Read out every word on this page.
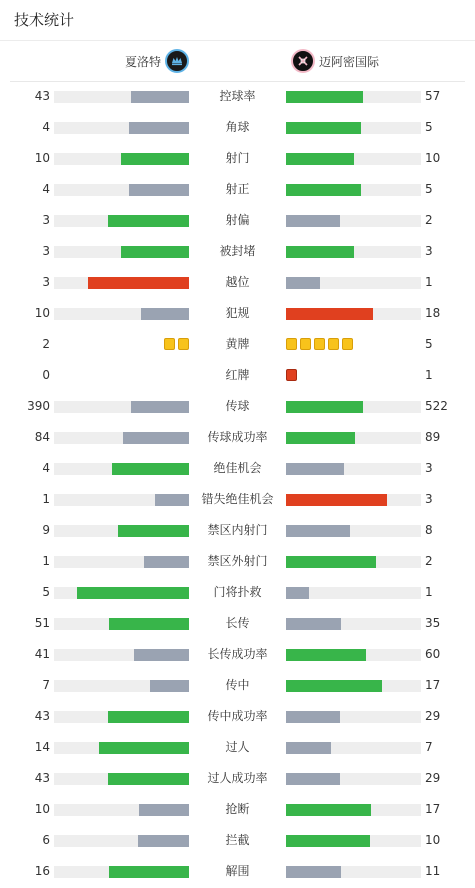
技术统计
夏洛特	迈阿密国际
43	控球率	57
4	角球	5
10	射门	10
4	射正	5
3	射偏	2
3	被封堵	3
3	越位	1
10	犯规	18
2	黄牌	5
0	红牌	1
390	传球	522
84	传球成功率	89
4	绝佳机会	3
1	错失绝佳机会	3
9	禁区内射门	8
1	禁区外射门	2
5	门将扑救	1
51	长传	35
41	长传成功率	60
7	传中	17
43	传中成功率	29
14	过人	7
43	过人成功率	29
10	抢断	17
6	拦截	10
16	解围	11
